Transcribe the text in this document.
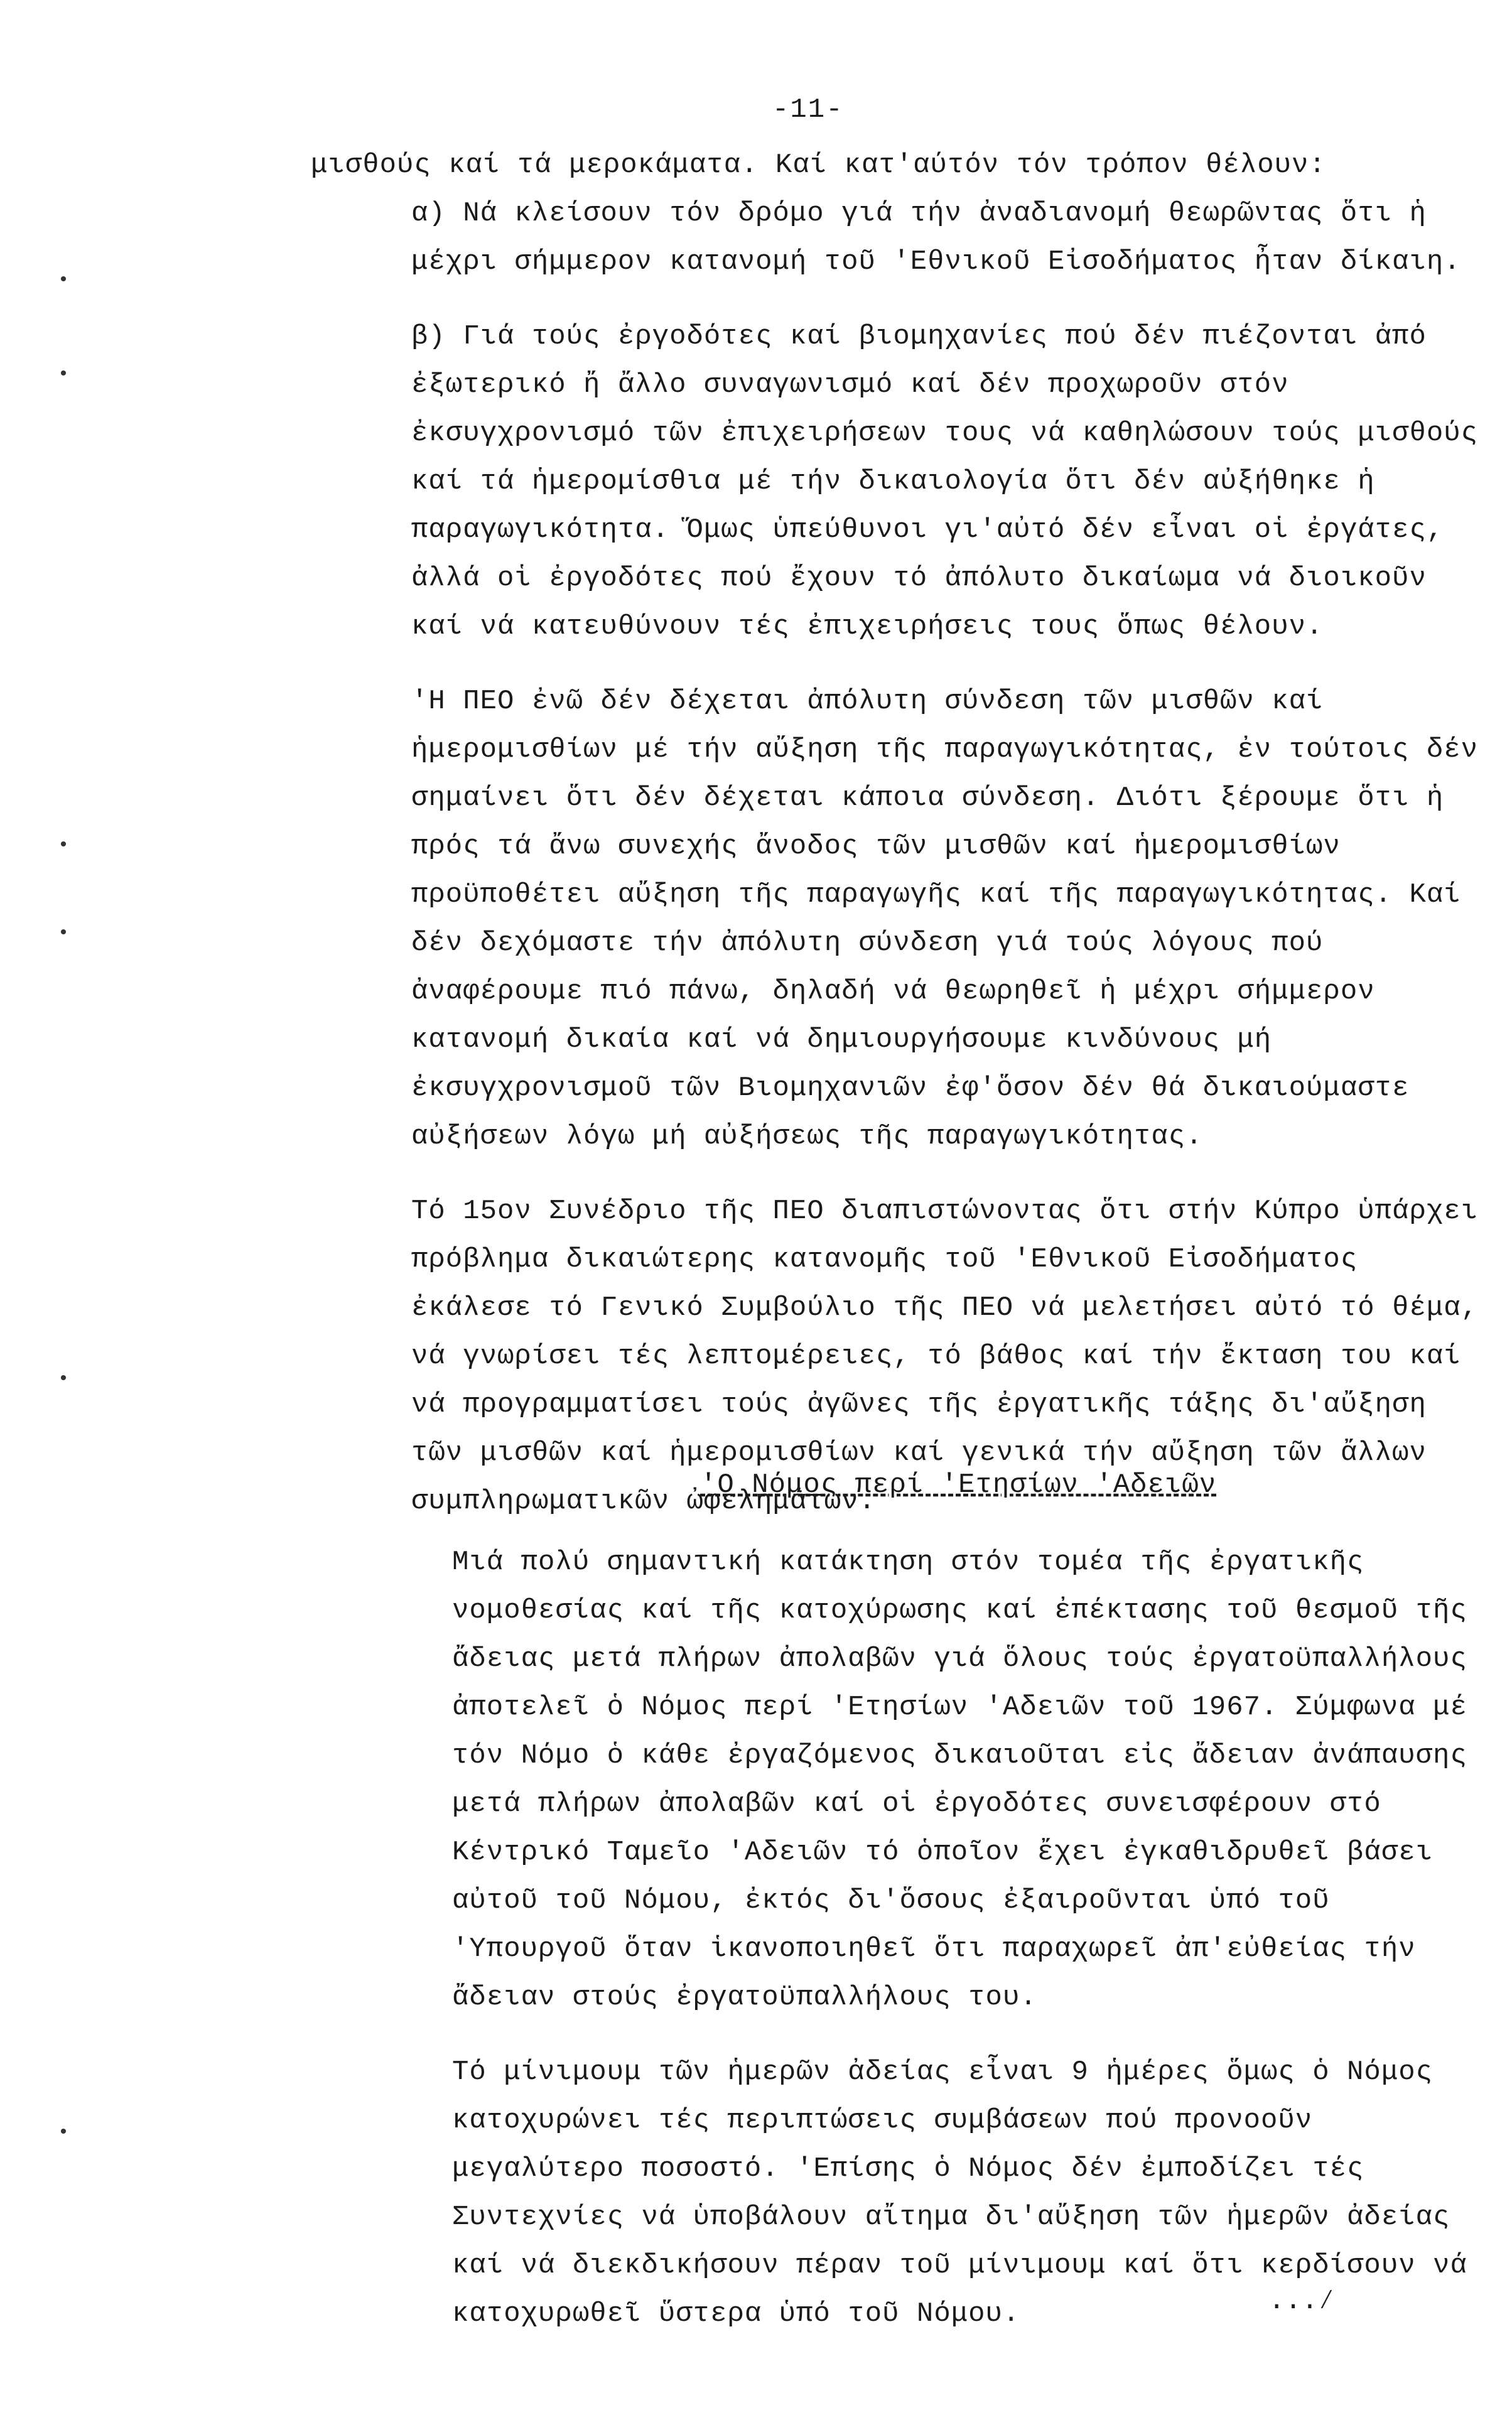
-11-

μισθούς καί τά μεροκάματα. Καί κατ'αύτόν τόν τρόπον θέλουν:

α) Νά κλείσουν τόν δρόμο γιά τήν ἀναδιανομή θεωρῶντας ὅτι ἡ μέχρι σήμμερον κατανομή τοῦ 'Εθνικοῦ Εἰσοδήματος ἦταν δίκαιη.

β) Γιά τούς ἐργοδότες καί βιομηχανίες πού δέν πιέζονται ἀπό ἐξωτερικό ἤ ἄλλο συναγωνισμό καί δέν προχωροῦν στόν ἐκσυγχρονισμό τῶν ἐπιχειρήσεων τους νά καθηλώσουν τούς μισθούς καί τά ἡμερομίσθια μέ τήν δικαιολογία ὅτι δέν αὐξήθηκε ἡ παραγωγικότητα. Ὅμως ὑπεύθυνοι γι'αὐτό δέν εἶναι οἱ ἐργάτες, ἀλλά οἱ ἐργοδότες πού ἔχουν τό ἀπόλυτο δικαίωμα νά διοικοῦν καί νά κατευθύνουν τές ἐπιχειρήσεις τους ὅπως θέλουν.

'Η ΠΕΟ ἐνῶ δέν δέχεται ἀπόλυτη σύνδεση τῶν μισθῶν καί ἡμερομισθίων μέ τήν αὔξηση τῆς παραγωγικότητας, ἐν τούτοις δέν σημαίνει ὅτι δέν δέχεται κάποια σύνδεση. Διότι ξέρουμε ὅτι ἡ πρός τά ἄνω συνεχής ἄνοδος τῶν μισθῶν καί ἡμερομισθίων προϋποθέτει αὔξηση τῆς παραγωγῆς καί τῆς παραγωγικότητας. Καί δέν δεχόμαστε τήν ἀπόλυτη σύνδεση γιά τούς λόγους πού ἀναφέρουμε πιό πάνω, δηλαδή νά θεωρηθεῖ ἡ μέχρι σήμμερον κατανομή δικαία καί νά δημιουργήσουμε κινδύνους μή ἐκσυγχρονισμοῦ τῶν Βιομηχανιῶν ἐφ'ὅσον δέν θά δικαιούμαστε αὐξήσεων λόγω μή αὐξήσεως τῆς παραγωγικότητας.

Τό 15ον Συνέδριο τῆς ΠΕΟ διαπιστώνοντας ὅτι στήν Κύπρο ὑπάρχει πρόβλημα δικαιώτερης κατανομῆς τοῦ 'Εθνικοῦ Εἰσοδήματος ἐκάλεσε τό Γενικό Συμβούλιο τῆς ΠΕΟ νά μελετήσει αὐτό τό θέμα, νά γνωρίσει τές λεπτομέρειες, τό βάθος καί τήν ἔκταση του καί νά προγραμματίσει τούς ἀγῶνες τῆς ἐργατικῆς τάξης δι'αὔξηση τῶν μισθῶν καί ἡμερομισθίων καί γενικά τήν αὔξηση τῶν ἄλλων συμπληρωματικῶν ὠφελημάτων.

'Ο Νόμος περί 'Ετησίων 'Αδειῶν

Μιά πολύ σημαντική κατάκτηση στόν τομέα τῆς ἐργατικῆς νομοθεσίας καί τῆς κατοχύρωσης καί ἐπέκτασης τοῦ θεσμοῦ τῆς ἄδειας μετά πλήρων ἀπολαβῶν γιά ὅλους τούς ἐργατοϋπαλλήλους ἀποτελεῖ ὁ Νόμος περί 'Ετησίων 'Αδειῶν τοῦ 1967. Σύμφωνα μέ τόν Νόμο ὁ κάθε ἐργαζόμενος δικαιοῦται εἰς ἄδειαν ἀνάπαυσης μετά πλήρων ἀπολαβῶν καί οἱ ἐργοδότες συνεισφέρουν στό Κέντρικό Ταμεῖο 'Αδειῶν τό ὁποῖον ἔχει ἐγκαθιδρυθεῖ βάσει αὐτοῦ τοῦ Νόμου, ἐκτός δι'ὅσους ἐξαιροῦνται ὑπό τοῦ 'Υπουργοῦ ὅταν ἱκανοποιηθεῖ ὅτι παραχωρεῖ ἀπ'εὐθείας τήν ἄδειαν στούς ἐργατοϋπαλλήλους του.

Τό μίνιμουμ τῶν ἡμερῶν ἀδείας εἶναι 9 ἡμέρες ὅμως ὁ Νόμος κατοχυρώνει τές περιπτώσεις συμβάσεων πού προνοοῦν μεγαλύτερο ποσοστό. 'Επίσης ὁ Νόμος δέν ἐμποδίζει τές Συντεχνίες νά ὑποβάλουν αἴτημα δι'αὔξηση τῶν ἡμερῶν ἀδείας καί νά διεκδικήσουν πέραν τοῦ μίνιμουμ καί ὅτι κερδίσουν νά κατοχυρωθεῖ ὕστερα ὑπό τοῦ Νόμου.	...∕
•
•
•
•
•
•
